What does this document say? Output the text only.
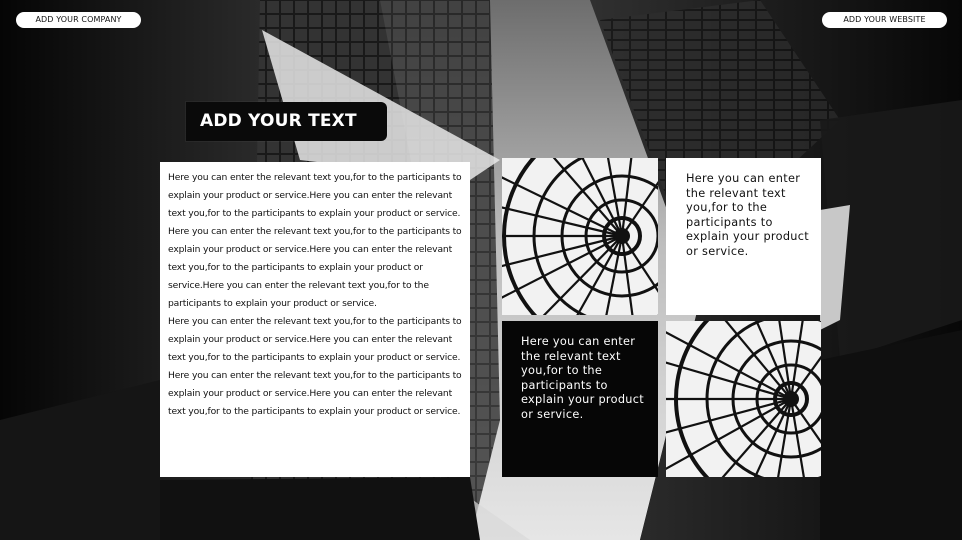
ADD YOUR COMPANY	ADD YOUR WEBSITE
ADD YOUR TEXT

Here you can enter the relevant text you,for to the participants to explain your product or service.Here you can enter the relevant text you,for to the participants to explain your product or service.

Here you can enter the relevant text you,for to the participants to explain your product or service.Here you can enter the relevant text you,for to the participants to explain your product or service.Here you can enter the relevant text you,for to the participants to explain your product or service.

Here you can enter the relevant text you,for to the participants to explain your product or service.Here you can enter the relevant text you,for to the participants to explain your product or service.

Here you can enter the relevant text you,for to the participants to explain your product or service.Here you can enter the relevant text you,for to the participants to explain your product or service.

Here you can enter the relevant text you,for to the participants to explain your product or service.

Here you can enter the relevant text you,for to the participants to explain your product or service.
